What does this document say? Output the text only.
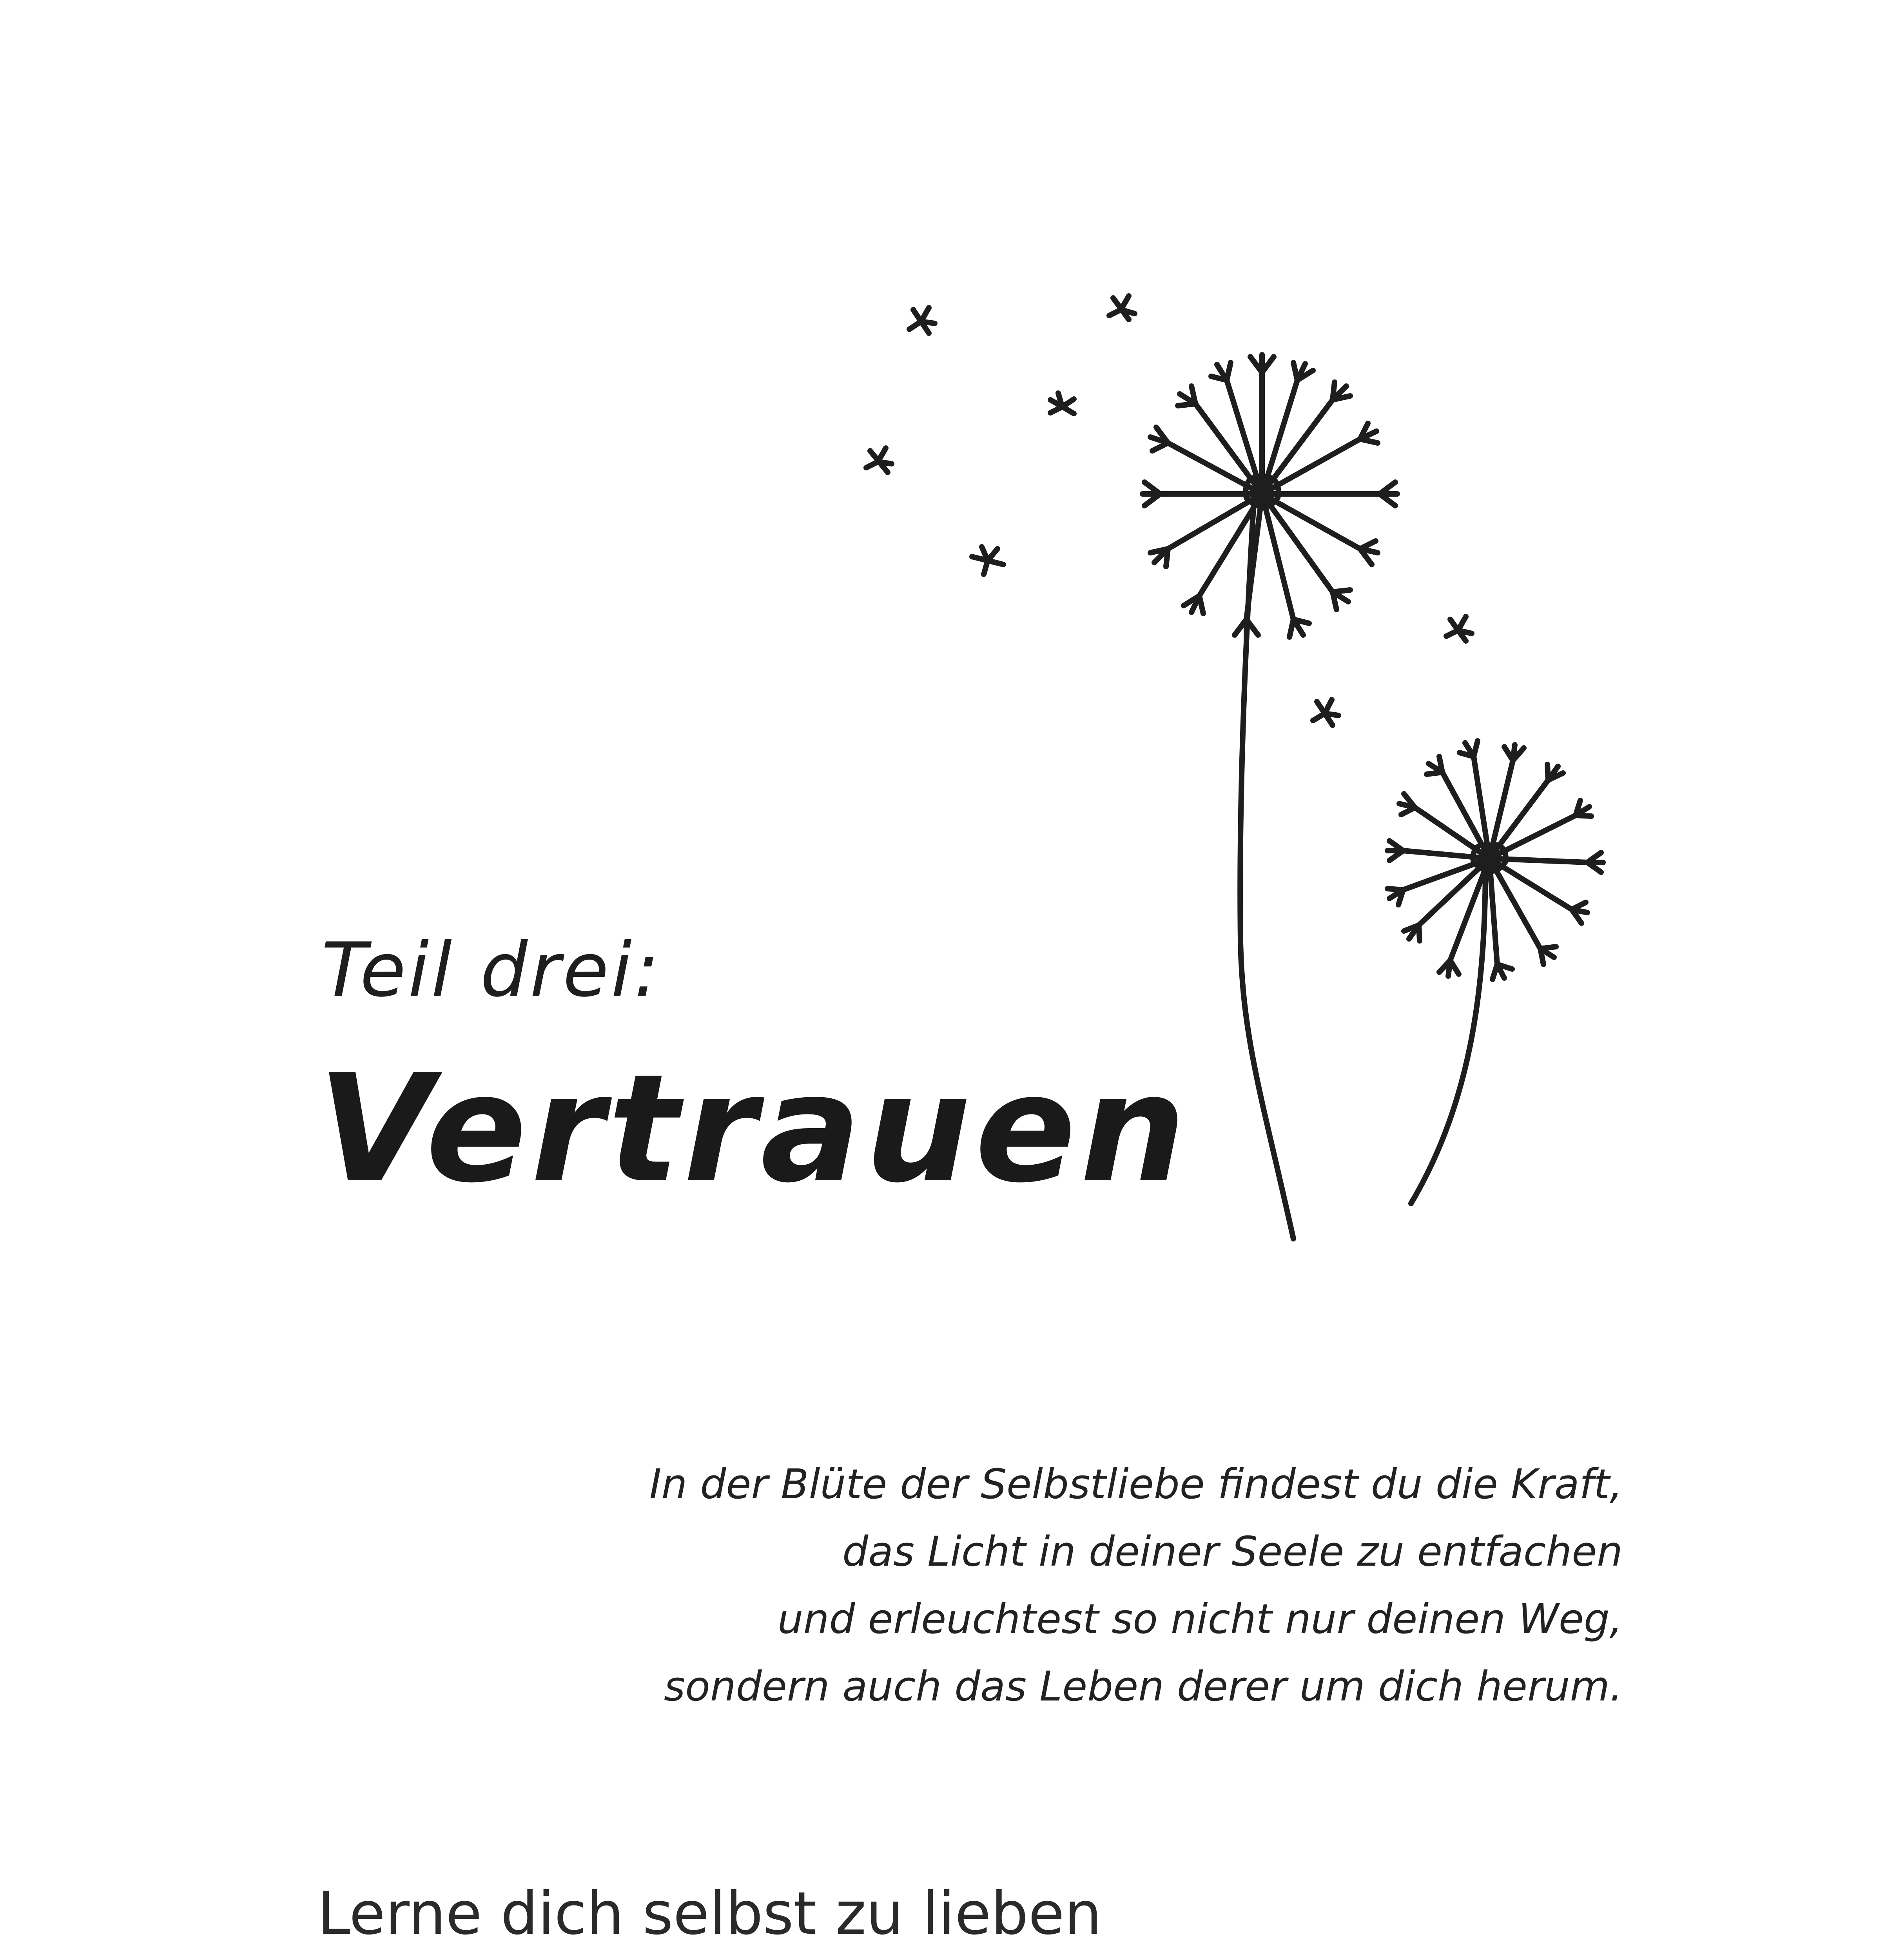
Teil drei:
Vertrauen
In der Blüte der Selbstliebe findest du die Kraft,
das Licht in deiner Seele zu entfachen
und erleuchtest so nicht nur deinen Weg,
sondern auch das Leben derer um dich herum.
Lerne dich selbst zu lieben
